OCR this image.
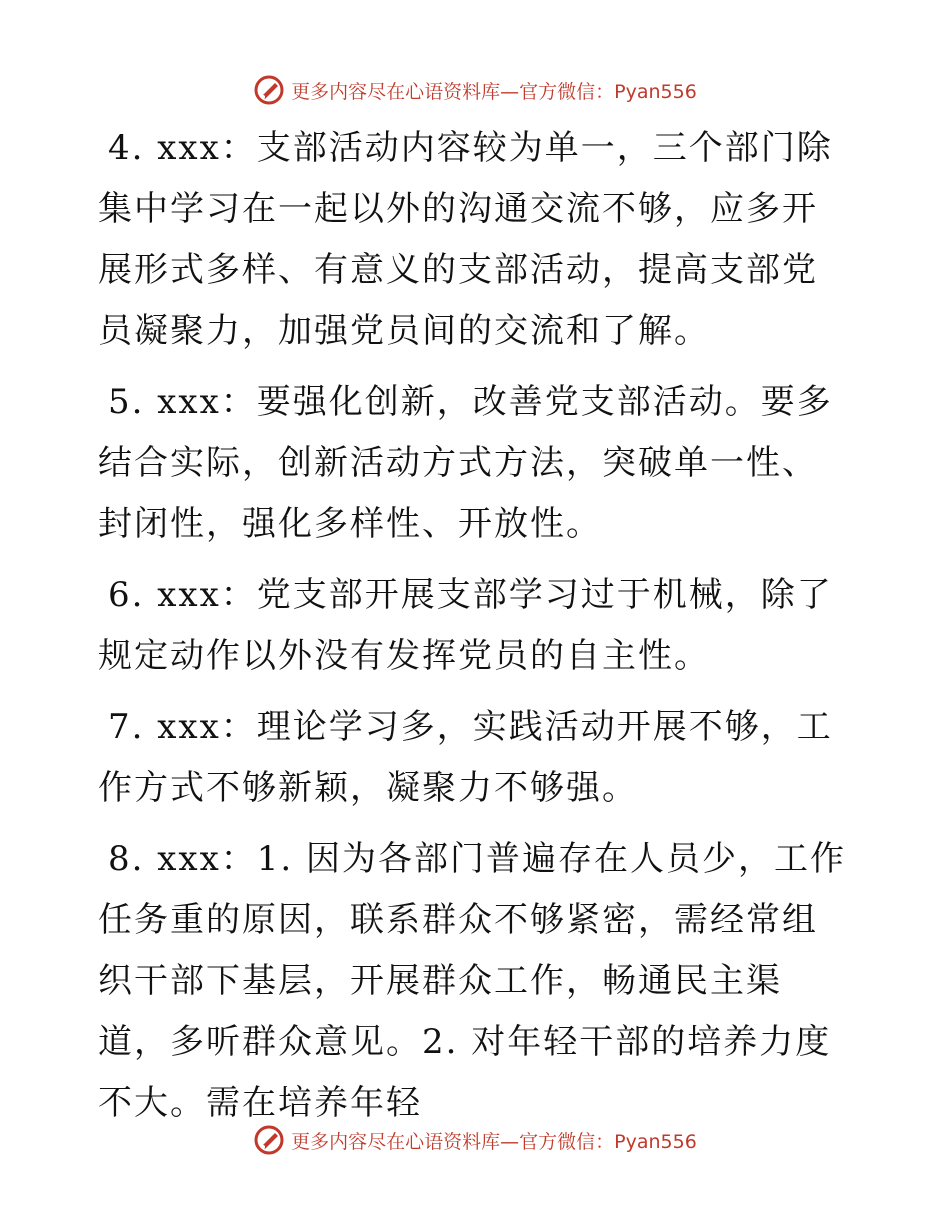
更多内容尽在心语资料库—官方微信：Pyan556

4. xxx：支部活动内容较为单一，三个部门除集中学习在一起以外的沟通交流不够，应多开展形式多样、有意义的支部活动，提高支部党员凝聚力，加强党员间的交流和了解。

5. xxx：要强化创新，改善党支部活动。要多结合实际，创新活动方式方法，突破单一性、封闭性，强化多样性、开放性。

6. xxx：党支部开展支部学习过于机械，除了规定动作以外没有发挥党员的自主性。

7. xxx：理论学习多，实践活动开展不够，工作方式不够新颖，凝聚力不够强。

8. xxx：1. 因为各部门普遍存在人员少，工作任务重的原因，联系群众不够紧密，需经常组织干部下基层，开展群众工作，畅通民主渠道，多听群众意见。2. 对年轻干部的培养力度不大。需在培养年轻

更多内容尽在心语资料库—官方微信：Pyan556
